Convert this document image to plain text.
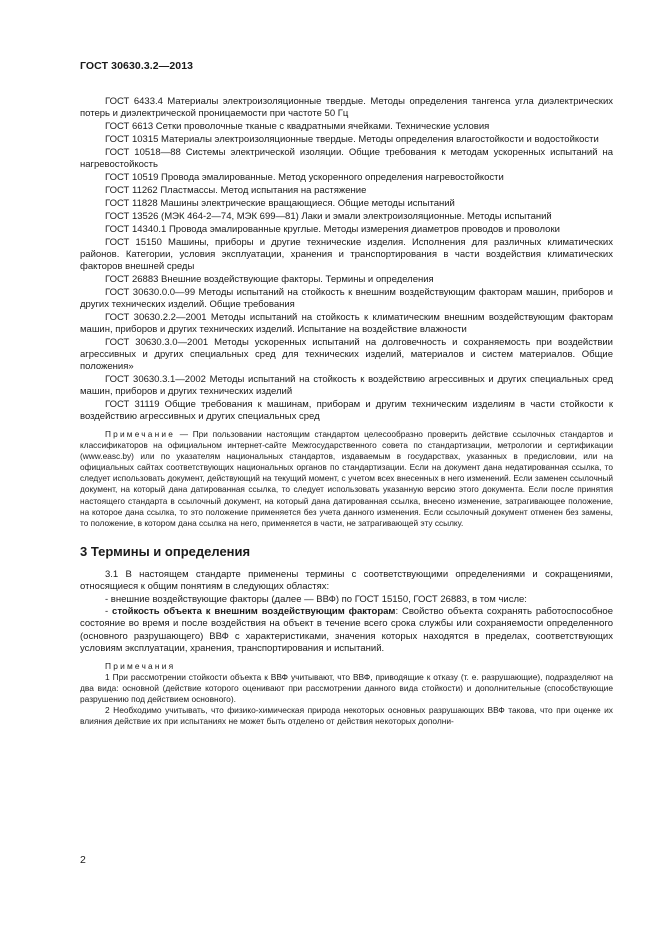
ГОСТ 30630.3.2—2013

ГОСТ 6433.4 Материалы электроизоляционные твердые. Методы определения тангенса угла диэлектрических потерь и диэлектрической проницаемости при частоте 50 Гц

ГОСТ 6613 Сетки проволочные тканые с квадратными ячейками. Технические условия

ГОСТ 10315 Материалы электроизоляционные твердые. Методы определения влагостойкости и водостойкости

ГОСТ 10518—88 Системы электрической изоляции. Общие требования к методам ускоренных испытаний на нагревостойкость

ГОСТ 10519 Провода эмалированные. Метод ускоренного определения нагревостойкости

ГОСТ 11262 Пластмассы. Метод испытания на растяжение

ГОСТ 11828 Машины электрические вращающиеся. Общие методы испытаний

ГОСТ 13526 (МЭК 464-2—74, МЭК 699—81) Лаки и эмали электроизоляционные. Методы испытаний

ГОСТ 14340.1 Провода эмалированные круглые. Методы измерения диаметров проводов и проволоки

ГОСТ 15150 Машины, приборы и другие технические изделия. Исполнения для различных климатических районов. Категории, условия эксплуатации, хранения и транспортирования в части воздействия климатических факторов внешней среды

ГОСТ 26883 Внешние воздействующие факторы. Термины и определения

ГОСТ 30630.0.0—99 Методы испытаний на стойкость к внешним воздействующим факторам машин, приборов и других технических изделий. Общие требования

ГОСТ 30630.2.2—2001 Методы испытаний на стойкость к климатическим внешним воздействующим факторам машин, приборов и других технических изделий. Испытание на воздействие влажности

ГОСТ 30630.3.0—2001 Методы ускоренных испытаний на долговечность и сохраняемость при воздействии агрессивных и других специальных сред для технических изделий, материалов и систем материалов. Общие положения»

ГОСТ 30630.3.1—2002 Методы испытаний на стойкость к воздействию агрессивных и других специальных сред машин, приборов и других технических изделий

ГОСТ 31119 Общие требования к машинам, приборам и другим техническим изделиям в части стойкости к воздействию агрессивных и других специальных сред

Примечание — При пользовании настоящим стандартом целесообразно проверить действие ссылочных стандартов и классификаторов на официальном интернет-сайте Межгосударственного совета по стандартизации, метрологии и сертификации (www.easc.by) или по указателям национальных стандартов, издаваемым в государствах, указанных в предисловии, или на официальных сайтах соответствующих национальных органов по стандартизации. Если на документ дана недатированная ссылка, то следует использовать документ, действующий на текущий момент, с учетом всех внесенных в него изменений. Если заменен ссылочный документ, на который дана датированная ссылка, то следует использовать указанную версию этого документа. Если после принятия настоящего стандарта в ссылочный документ, на который дана датированная ссылка, внесено изменение, затрагивающее положение, на которое дана ссылка, то это положение применяется без учета данного изменения. Если ссылочный документ отменен без замены, то положение, в котором дана ссылка на него, применяется в части, не затрагивающей эту ссылку.

3 Термины и определения

3.1 В настоящем стандарте применены термины с соответствующими определениями и сокращениями, относящиеся к общим понятиям в следующих областях:

- внешние воздействующие факторы (далее — ВВФ) по ГОСТ 15150, ГОСТ 26883, в том числе:

- стойкость объекта к внешним воздействующим факторам: Свойство объекта сохранять работоспособное состояние во время и после воздействия на объект в течение всего срока службы или сохраняемости определенного (основного разрушающего) ВВФ с характеристиками, значения которых находятся в пределах, соответствующих условиям эксплуатации, хранения, транспортирования и испытаний.

Примечания

1 При рассмотрении стойкости объекта к ВВФ учитывают, что ВВФ, приводящие к отказу (т. е. разрушающие), подразделяют на два вида: основной (действие которого оценивают при рассмотрении данного вида стойкости) и дополнительные (способствующие разрушению под действием основного).

2 Необходимо учитывать, что физико-химическая природа некоторых основных разрушающих ВВФ такова, что при оценке их влияния действие их при испытаниях не может быть отделено от действия некоторых дополни-

2
